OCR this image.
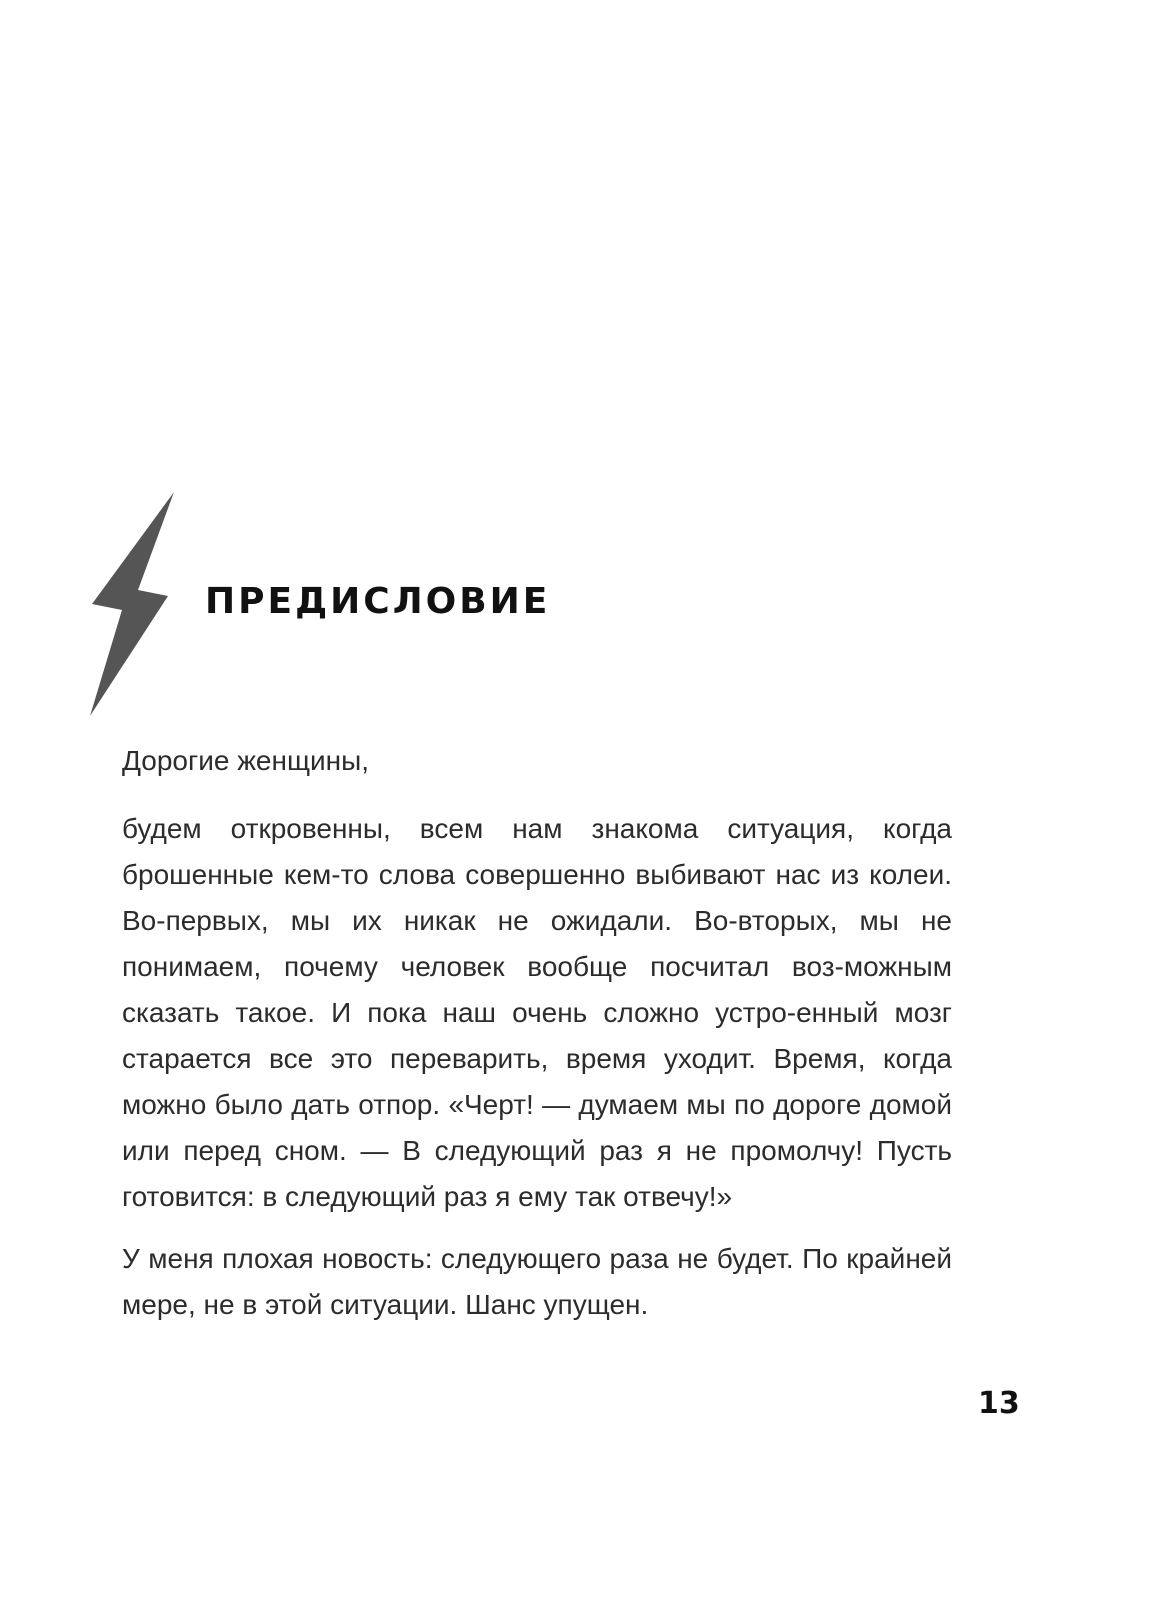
ПРЕДИСЛОВИЕ

Дорогие женщины,

будем откровенны, всем нам знакома ситуация, когда брошенные кем-то слова совершенно выбивают нас из колеи. Во-первых, мы их никак не ожидали. Во-вторых, мы не понимаем, почему человек вообще посчитал воз-можным сказать такое. И пока наш очень сложно устро-енный мозг старается все это переварить, время уходит. Время, когда можно было дать отпор. «Черт! — думаем мы по дороге домой или перед сном. — В следующий раз я не промолчу! Пусть готовится: в следующий раз я ему так отвечу!»

У меня плохая новость: следующего раза не будет. По крайней мере, не в этой ситуации. Шанс упущен.

13
